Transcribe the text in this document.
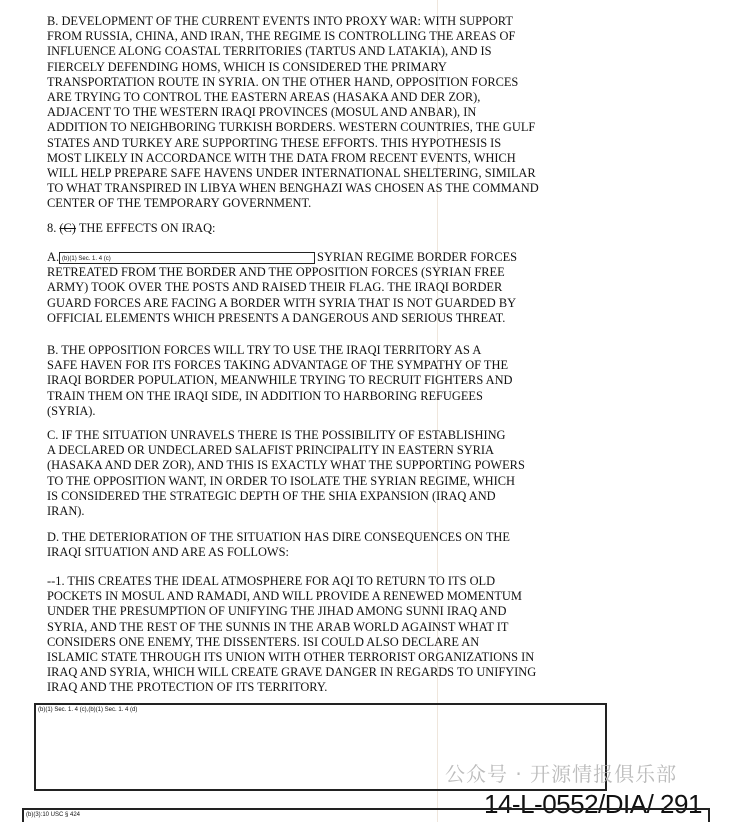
B. DEVELOPMENT OF THE CURRENT EVENTS INTO PROXY WAR: WITH SUPPORT
FROM RUSSIA, CHINA, AND IRAN, THE REGIME IS CONTROLLING THE AREAS OF
INFLUENCE ALONG COASTAL TERRITORIES (TARTUS AND LATAKIA), AND IS
FIERCELY DEFENDING HOMS, WHICH IS CONSIDERED THE PRIMARY
TRANSPORTATION ROUTE IN SYRIA. ON THE OTHER HAND, OPPOSITION FORCES
ARE TRYING TO CONTROL THE EASTERN AREAS (HASAKA AND DER ZOR),
ADJACENT TO THE WESTERN IRAQI PROVINCES (MOSUL AND ANBAR), IN
ADDITION TO NEIGHBORING TURKISH BORDERS. WESTERN COUNTRIES, THE GULF
STATES AND TURKEY ARE SUPPORTING THESE EFFORTS. THIS HYPOTHESIS IS
MOST LIKELY IN ACCORDANCE WITH THE DATA FROM RECENT EVENTS, WHICH
WILL HELP PREPARE SAFE HAVENS UNDER INTERNATIONAL SHELTERING, SIMILAR
TO WHAT TRANSPIRED IN LIBYA WHEN BENGHAZI WAS CHOSEN AS THE COMMAND
CENTER OF THE TEMPORARY GOVERNMENT.
8. (C) THE EFFECTS ON IRAQ:
A. (b)(1) Sec. 1. 4 (c)	SYRIAN REGIME BORDER FORCES
RETREATED FROM THE BORDER AND THE OPPOSITION FORCES (SYRIAN FREE
ARMY) TOOK OVER THE POSTS AND RAISED THEIR FLAG. THE IRAQI BORDER
GUARD FORCES ARE FACING A BORDER WITH SYRIA THAT IS NOT GUARDED BY
OFFICIAL ELEMENTS WHICH PRESENTS A DANGEROUS AND SERIOUS THREAT.
B. THE OPPOSITION FORCES WILL TRY TO USE THE IRAQI TERRITORY AS A
SAFE HAVEN FOR ITS FORCES TAKING ADVANTAGE OF THE SYMPATHY OF THE
IRAQI BORDER POPULATION, MEANWHILE TRYING TO RECRUIT FIGHTERS AND
TRAIN THEM ON THE IRAQI SIDE, IN ADDITION TO HARBORING REFUGEES
(SYRIA).
C. IF THE SITUATION UNRAVELS THERE IS THE POSSIBILITY OF ESTABLISHING
A DECLARED OR UNDECLARED SALAFIST PRINCIPALITY IN EASTERN SYRIA
(HASAKA AND DER ZOR), AND THIS IS EXACTLY WHAT THE SUPPORTING POWERS
TO THE OPPOSITION WANT, IN ORDER TO ISOLATE THE SYRIAN REGIME, WHICH
IS CONSIDERED THE STRATEGIC DEPTH OF THE SHIA EXPANSION (IRAQ AND
IRAN).
D. THE DETERIORATION OF THE SITUATION HAS DIRE CONSEQUENCES ON THE
IRAQI SITUATION AND ARE AS FOLLOWS:
--1. THIS CREATES THE IDEAL ATMOSPHERE FOR AQI TO RETURN TO ITS OLD
POCKETS IN MOSUL AND RAMADI, AND WILL PROVIDE A RENEWED MOMENTUM
UNDER THE PRESUMPTION OF UNIFYING THE JIHAD AMONG SUNNI IRAQ AND
SYRIA, AND THE REST OF THE SUNNIS IN THE ARAB WORLD AGAINST WHAT IT
CONSIDERS ONE ENEMY, THE DISSENTERS. ISI COULD ALSO DECLARE AN
ISLAMIC STATE THROUGH ITS UNION WITH OTHER TERRORIST ORGANIZATIONS IN
IRAQ AND SYRIA, WHICH WILL CREATE GRAVE DANGER IN REGARDS TO UNIFYING
IRAQ AND THE PROTECTION OF ITS TERRITORY.
(b)(1) Sec. 1. 4 (c),(b)(1) Sec. 1. 4 (d)
公众号 · 开源情报俱乐部
14-L-0552/DIA/ 291
(b)(3):10 USC § 424
